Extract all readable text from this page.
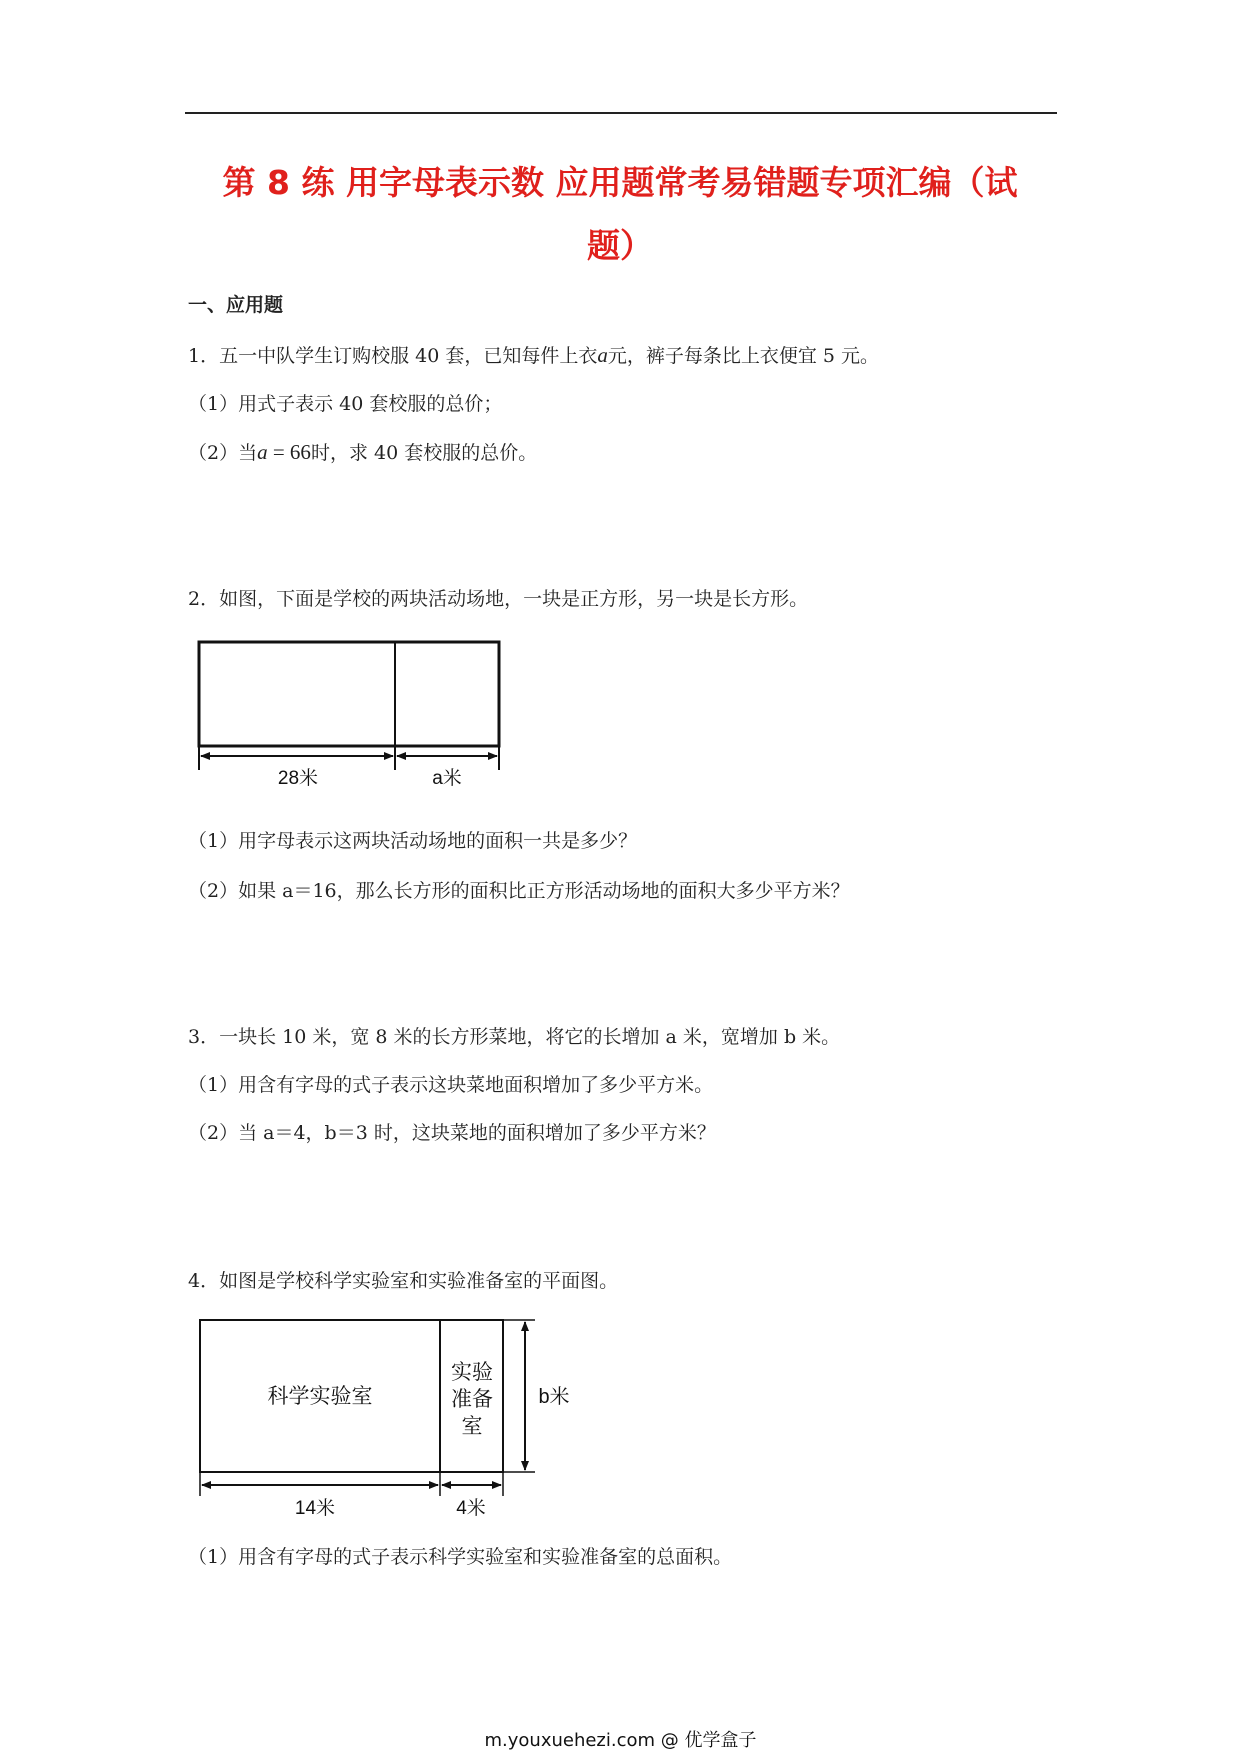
第 8 练 用字母表示数 应用题常考易错题专项汇编（试
题）
一、应用题
1．五一中队学生订购校服 40 套，已知每件上衣a元，裤子每条比上衣便宜 5 元。
（1）用式子表示 40 套校服的总价；
（2）当a = 66时，求 40 套校服的总价。
2．如图，下面是学校的两块活动场地，一块是正方形，另一块是长方形。
28米	a米
（1）用字母表示这两块活动场地的面积一共是多少？
（2）如果 a＝16，那么长方形的面积比正方形活动场地的面积大多少平方米？
3．一块长 10 米，宽 8 米的长方形菜地，将它的长增加 a 米，宽增加 b 米。
（1）用含有字母的式子表示这块菜地面积增加了多少平方米。
（2）当 a＝4，b＝3 时，这块菜地的面积增加了多少平方米？
4．如图是学校科学实验室和实验准备室的平面图。
科学实验室
实验
准备
室
b米
14米	4米
（1）用含有字母的式子表示科学实验室和实验准备室的总面积。
m.youxuehezi.com @ 优学盒子
